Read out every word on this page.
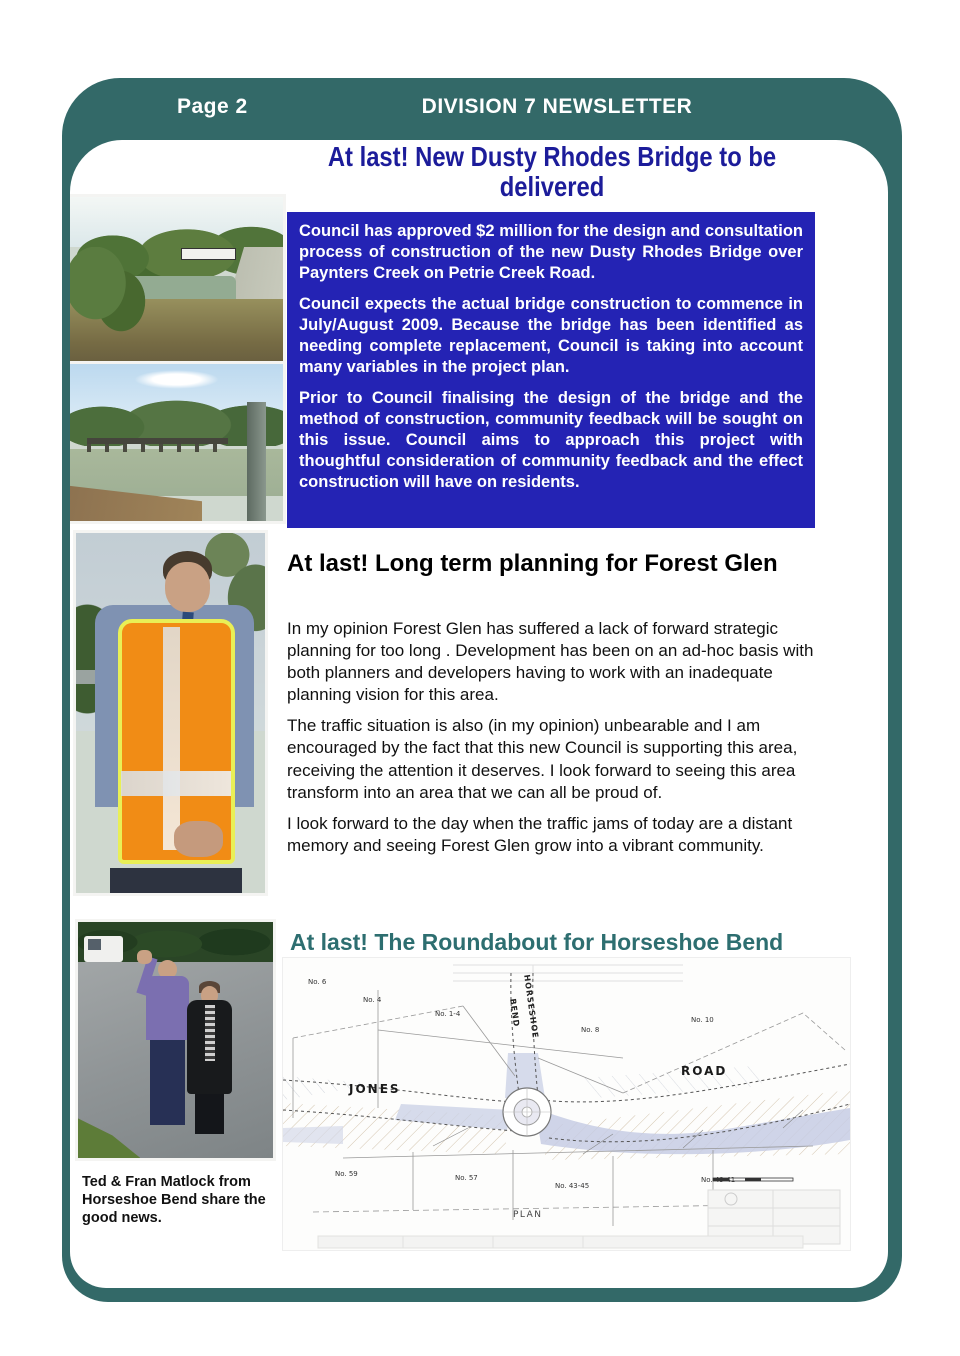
Page 2	DIVISION 7 NEWSLETTER
At last! New Dusty Rhodes Bridge to be delivered

Council has approved $2 million for the design and consultation process of construction of the new Dusty Rhodes Bridge over Paynters Creek on Petrie Creek Road.

Council expects the actual bridge construction to commence in July/August 2009. Because the bridge has been identified as needing complete replacement, Council is taking into account many variables in the project plan.

Prior to Council finalising the design of the bridge and the method of construction, community feedback will be sought on this issue. Council aims to approach this project with thoughtful consideration of community feedback and the effect construction will have on residents.

At last! Long term planning for Forest Glen

In my opinion Forest Glen has suffered a lack of forward strategic planning for too long . Development has been on an ad-hoc basis with both planners and developers having to work with an inadequate planning vision for this area.

The traffic situation is also (in my opinion) unbearable and I am encouraged by the fact that this new Council is supporting this area, receiving the attention it deserves. I look forward to seeing this area transform into an area that we can all be proud of.

I look forward to the day when the traffic jams of today are a distant memory and seeing Forest Glen grow into a vibrant community.

At last! The Roundabout for Horseshoe Bend
Ted & Fran Matlock from Horseshoe Bend share the good news.
No. 6
No. 4
No. 1-4
No. 8
No. 10
HORSESHOE
BEND
ROAD
JONES
No. 59	No. 57
No. 43-45
No. 49-41
PLAN
